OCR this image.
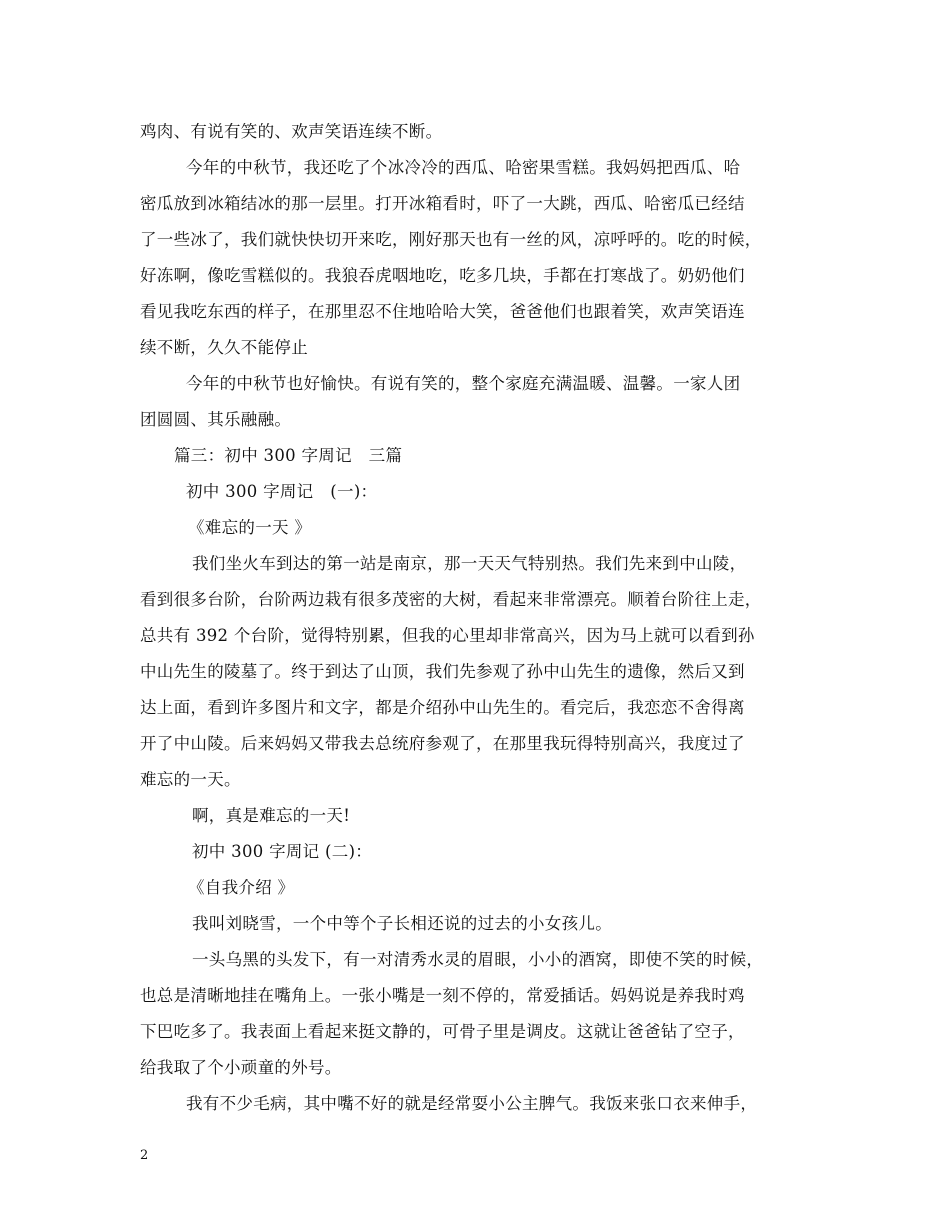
鸡肉、有说有笑的、欢声笑语连续不断。
今年的中秋节，我还吃了个冰冷冷的西瓜、哈密果雪糕。我妈妈把西瓜、哈
密瓜放到冰箱结冰的那一层里。打开冰箱看时，吓了一大跳，西瓜、哈密瓜已经结
了一些冰了，我们就快快切开来吃，刚好那天也有一丝的风，凉呼呼的。吃的时候，
好冻啊，像吃雪糕似的。我狼吞虎咽地吃，吃多几块，手都在打寒战了。奶奶他们
看见我吃东西的样子，在那里忍不住地哈哈大笑，爸爸他们也跟着笑，欢声笑语连
续不断，久久不能停止
今年的中秋节也好愉快。有说有笑的，整个家庭充满温暖、温馨。一家人团
团圆圆、其乐融融。
篇三：初中 300 字周记　三篇
初中 300 字周记　(一)：
《难忘的一天 》
我们坐火车到达的第一站是南京，那一天天气特别热。我们先来到中山陵，
看到很多台阶，台阶两边栽有很多茂密的大树，看起来非常漂亮。顺着台阶往上走，
总共有 392 个台阶，觉得特别累，但我的心里却非常高兴，因为马上就可以看到孙
中山先生的陵墓了。终于到达了山顶，我们先参观了孙中山先生的遗像，然后又到
达上面，看到许多图片和文字，都是介绍孙中山先生的。看完后，我恋恋不舍得离
开了中山陵。后来妈妈又带我去总统府参观了，在那里我玩得特别高兴，我度过了
难忘的一天。
啊，真是难忘的一天!
初中 300 字周记 (二)：
《自我介绍 》
我叫刘晓雪，一个中等个子长相还说的过去的小女孩儿。
一头乌黑的头发下，有一对清秀水灵的眉眼，小小的酒窝，即使不笑的时候，
也总是清晰地挂在嘴角上。一张小嘴是一刻不停的，常爱插话。妈妈说是养我时鸡
下巴吃多了。我表面上看起来挺文静的，可骨子里是调皮。这就让爸爸钻了空子，
给我取了个小顽童的外号。
我有不少毛病，其中嘴不好的就是经常耍小公主脾气。我饭来张口衣来伸手，
2
